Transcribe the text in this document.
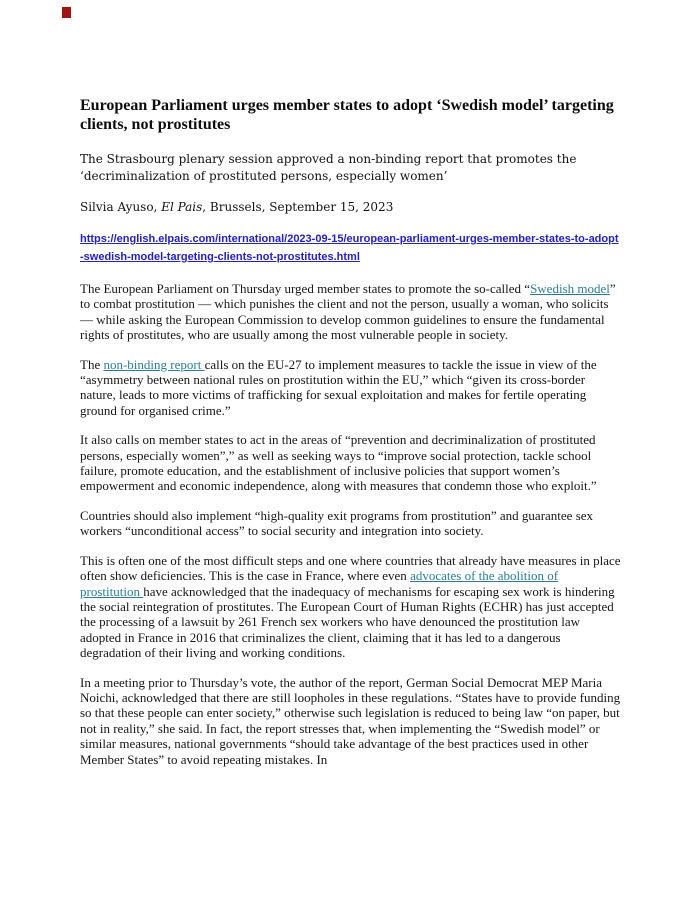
European Parliament urges member states to adopt ‘Swedish model’ targeting clients, not prostitutes

The Strasbourg plenary session approved a non-binding report that promotes the ‘decriminalization of prostituted persons, especially women’

Silvia Ayuso, El Pais, Brussels, September 15, 2023

https://english.elpais.com/international/2023-09-15/european-parliament-urges-member-states-to-adopt-swedish-model-targeting-clients-not-prostitutes.html

The European Parliament on Thursday urged member states to promote the so-called “Swedish model” to combat prostitution — which punishes the client and not the person, usually a woman, who solicits — while asking the European Commission to develop common guidelines to ensure the fundamental rights of prostitutes, who are usually among the most vulnerable people in society.

The non-binding report calls on the EU-27 to implement measures to tackle the issue in view of the “asymmetry between national rules on prostitution within the EU,” which “given its cross-border nature, leads to more victims of trafficking for sexual exploitation and makes for fertile operating ground for organised crime.”

It also calls on member states to act in the areas of “prevention and decriminalization of prostituted persons, especially women”,” as well as seeking ways to “improve social protection, tackle school failure, promote education, and the establishment of inclusive policies that support women’s empowerment and economic independence, along with measures that condemn those who exploit.”

Countries should also implement “high-quality exit programs from prostitution” and guarantee sex workers “unconditional access” to social security and integration into society.

This is often one of the most difficult steps and one where countries that already have measures in place often show deficiencies. This is the case in France, where even advocates of the abolition of prostitution have acknowledged that the inadequacy of mechanisms for escaping sex work is hindering the social reintegration of prostitutes. The European Court of Human Rights (ECHR) has just accepted the processing of a lawsuit by 261 French sex workers who have denounced the prostitution law adopted in France in 2016 that criminalizes the client, claiming that it has led to a dangerous degradation of their living and working conditions.

In a meeting prior to Thursday’s vote, the author of the report, German Social Democrat MEP Maria Noichi, acknowledged that there are still loopholes in these regulations. “States have to provide funding so that these people can enter society,” otherwise such legislation is reduced to being law “on paper, but not in reality,” she said. In fact, the report stresses that, when implementing the “Swedish model” or similar measures, national governments “should take advantage of the best practices used in other Member States” to avoid repeating mistakes. In
